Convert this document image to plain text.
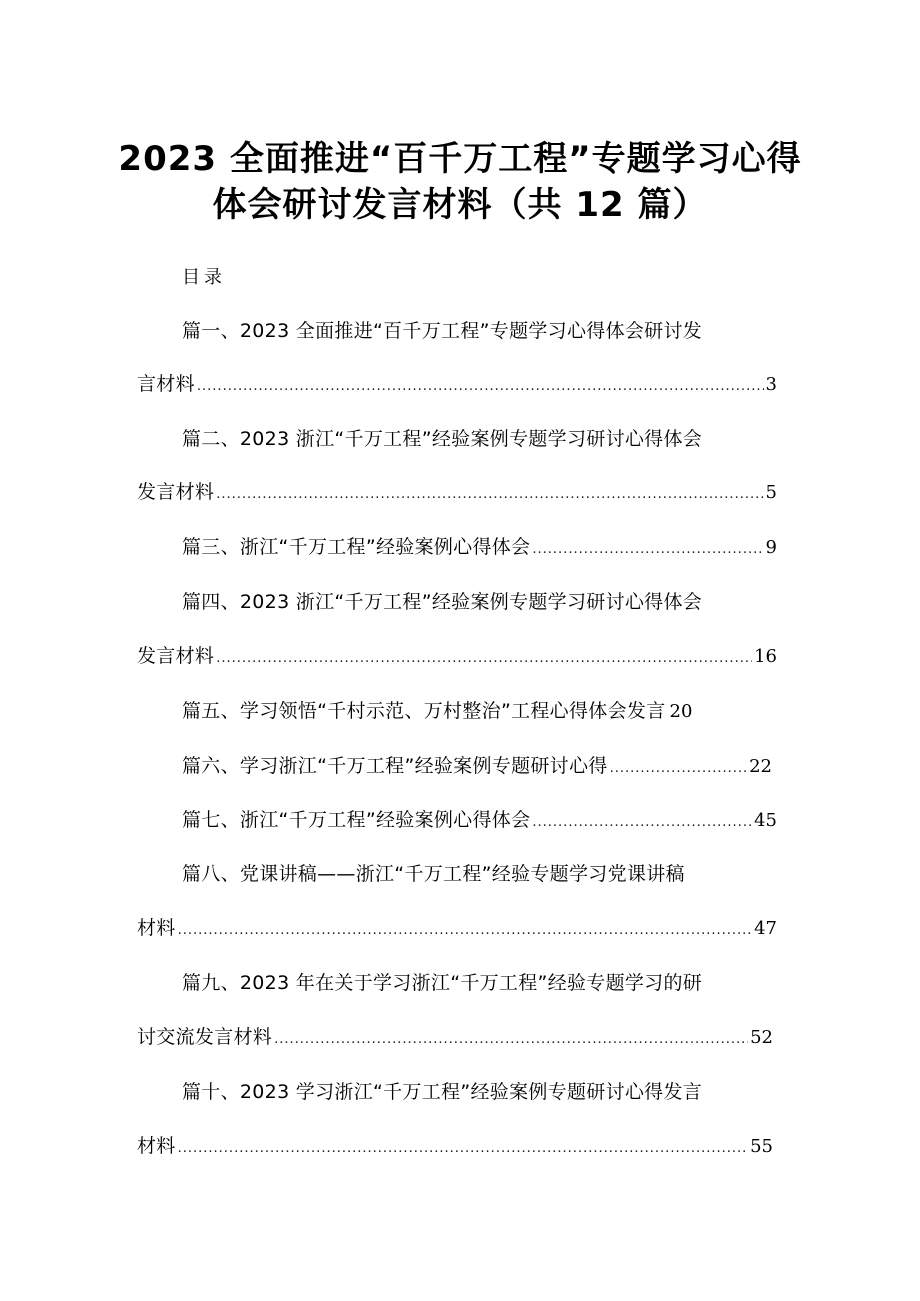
2023 全面推进“百千万工程”专题学习心得
体会研讨发言材料（共 12 篇）
目录
篇一、2023 全面推进“百千万工程”专题学习心得体会研讨发
言材料 .....	3
篇二、2023 浙江“千万工程”经验案例专题学习研讨心得体会
发言材料 .....	5
篇三、浙江“千万工程”经验案例心得体会 .....	9
篇四、2023 浙江“千万工程”经验案例专题学习研讨心得体会
发言材料 .....	16
篇五、学习领悟“千村示范、万村整治”工程心得体会发言 20
篇六、学习浙江“千万工程”经验案例专题研讨心得 .....	22
篇七、浙江“千万工程”经验案例心得体会 .....	45
篇八、党课讲稿——浙江“千万工程”经验专题学习党课讲稿
材料 .....	47
篇九、2023 年在关于学习浙江“千万工程”经验专题学习的研
讨交流发言材料 .....	52
篇十、2023 学习浙江“千万工程”经验案例专题研讨心得发言
材料 .....	55
